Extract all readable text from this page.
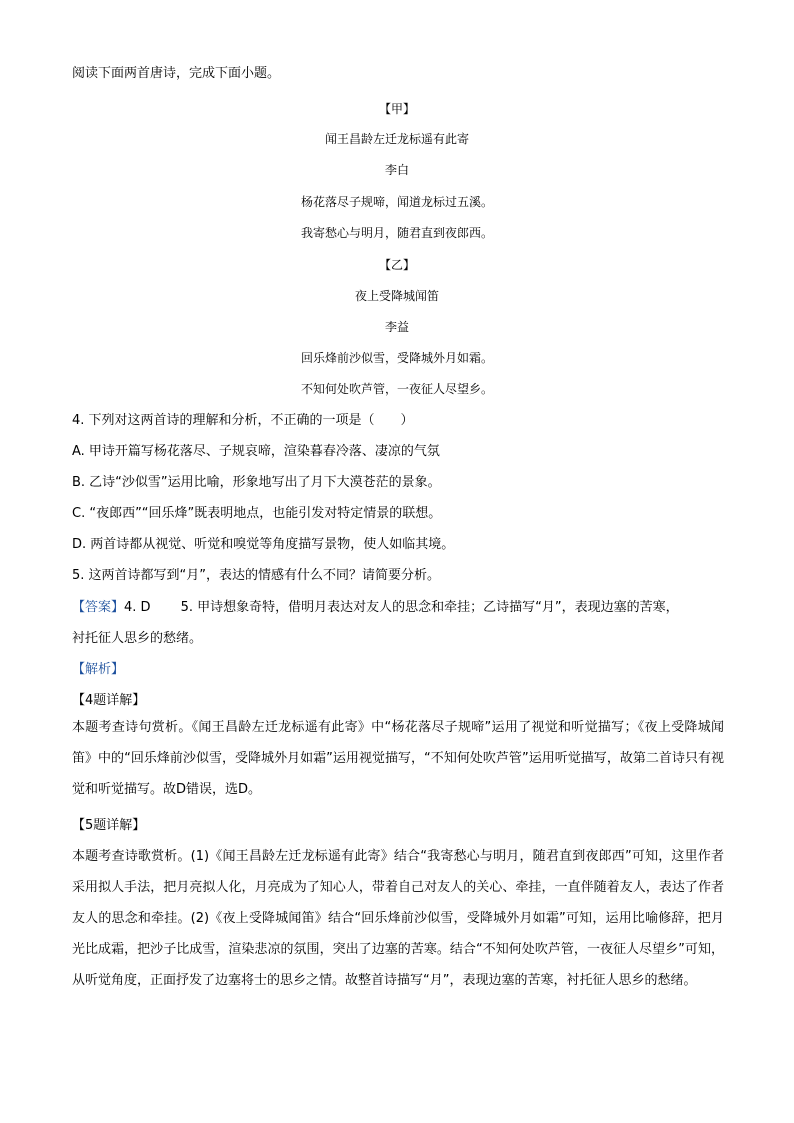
阅读下面两首唐诗，完成下面小题。
【甲】
闻王昌龄左迁龙标遥有此寄
李白
杨花落尽子规啼，闻道龙标过五溪。
我寄愁心与明月，随君直到夜郎西。
【乙】
夜上受降城闻笛
李益
回乐烽前沙似雪，受降城外月如霜。
不知何处吹芦管，一夜征人尽望乡。
4. 下列对这两首诗的理解和分析，不正确的一项是（　　）
A. 甲诗开篇写杨花落尽、子规哀啼，渲染暮春冷落、凄凉的气氛
B. 乙诗“沙似雪”运用比喻，形象地写出了月下大漠苍茫的景象。
C. “夜郎西”“回乐烽”既表明地点，也能引发对特定情景的联想。
D. 两首诗都从视觉、听觉和嗅觉等角度描写景物，使人如临其境。
5. 这两首诗都写到“月”，表达的情感有什么不同？请简要分析。
【答案】4. D 5. 甲诗想象奇特，借明月表达对友人的思念和牵挂；乙诗描写“月”，表现边塞的苦寒，
衬托征人思乡的愁绪。
【解析】
【4题详解】
本题考查诗句赏析。《闻王昌龄左迁龙标遥有此寄》中“杨花落尽子规啼”运用了视觉和听觉描写；《夜上受降城闻笛》中的“回乐烽前沙似雪，受降城外月如霜”运用视觉描写，“不知何处吹芦管”运用听觉描写，故第二首诗只有视觉和听觉描写。故D错误，选D。
【5题详解】
本题考查诗歌赏析。(1)《闻王昌龄左迁龙标遥有此寄》结合“我寄愁心与明月，随君直到夜郎西”可知，这里作者采用拟人手法，把月亮拟人化，月亮成为了知心人，带着自己对友人的关心、牵挂，一直伴随着友人，表达了作者友人的思念和牵挂。(2)《夜上受降城闻笛》结合“回乐烽前沙似雪，受降城外月如霜”可知，运用比喻修辞，把月光比成霜，把沙子比成雪，渲染悲凉的氛围，突出了边塞的苦寒。结合“不知何处吹芦管，一夜征人尽望乡”可知，从听觉角度，正面抒发了边塞将士的思乡之情。故整首诗描写“月”，表现边塞的苦寒，衬托征人思乡的愁绪。
